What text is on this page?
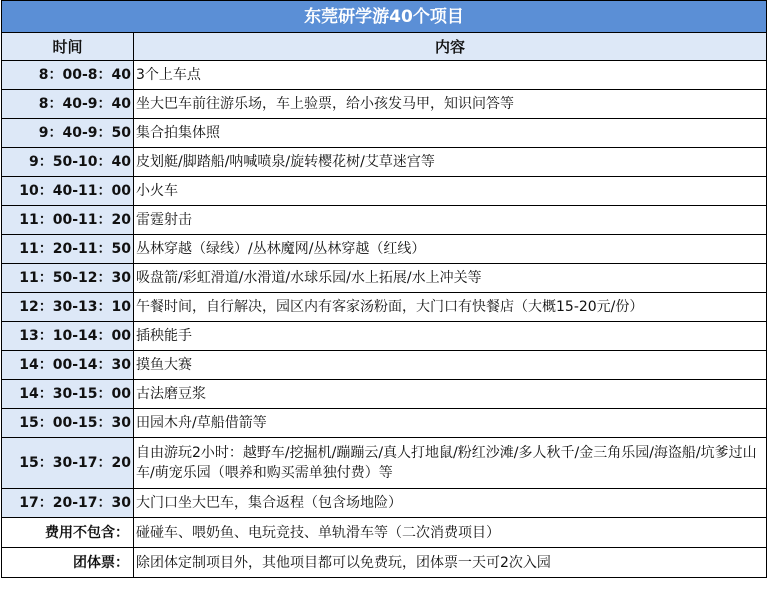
东莞研学游40个项目	
时间	内容
8：00-8：40	3个上车点
8：40-9：40	坐大巴车前往游乐场，车上验票，给小孩发马甲，知识问答等
9：40-9：50	集合拍集体照
9：50-10：40	皮划艇/脚踏船/呐喊喷泉/旋转樱花树/艾草迷宫等
10：40-11：00	小火车
11：00-11：20	雷霆射击
11：20-11：50	丛林穿越（绿线）/丛林魔网/丛林穿越（红线）
11：50-12：30	吸盘箭/彩虹滑道/水滑道/水球乐园/水上拓展/水上冲关等
12：30-13：10	午餐时间，自行解决，园区内有客家汤粉面，大门口有快餐店（大概15-20元/份）
13：10-14：00	插秧能手
14：00-14：30	摸鱼大赛
14：30-15：00	古法磨豆浆
15：00-15：30	田园木舟/草船借箭等
15：30-17：20	自由游玩2小时：越野车/挖掘机/蹦蹦云/真人打地鼠/粉红沙滩/多人秋千/金三角乐园/海盗船/坑爹过山车/萌宠乐园（喂养和购买需单独付费）等
17：20-17：30	大门口坐大巴车，集合返程（包含场地险）
费用不包含：	碰碰车、喂奶鱼、电玩竞技、单轨滑车等（二次消费项目）
团体票：	除团体定制项目外，其他项目都可以免费玩，团体票一天可2次入园
